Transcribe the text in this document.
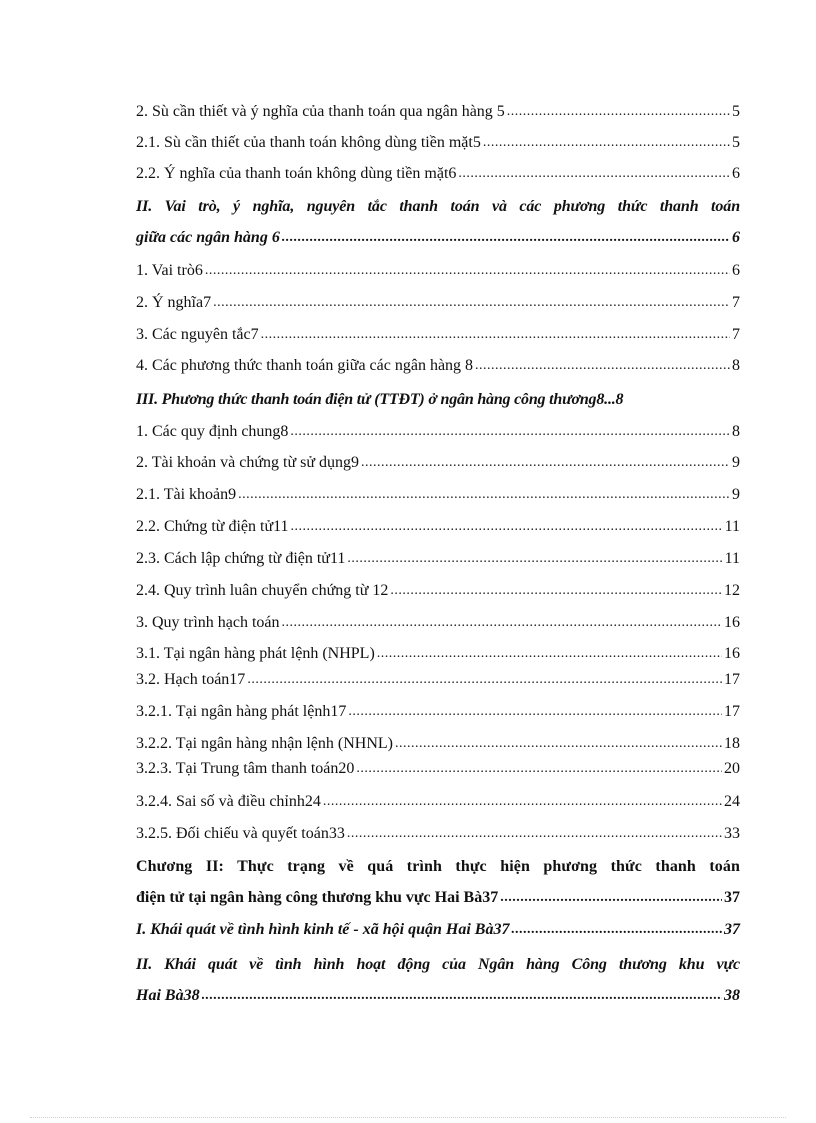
2. Sù cần thiết và ý nghĩa của thanh toán qua ngân hàng 5 .....	5
2.1. Sù cần thiết của thanh toán không dùng tiền mặt5 .....	5
2.2. Ý nghĩa của thanh toán không dùng tiền mặt6 .....	6
II. Vai trò, ý nghĩa, nguyên tắc thanh toán và các phương thức thanh toán
giữa các ngân hàng 6 .....	6
1. Vai trò6 .....	6
2. Ý nghĩa7 .....	7
3. Các nguyên tắc7 .....	7
4. Các phương thức thanh toán giữa các ngân hàng 8 .....	8
III. Phương thức thanh toán điện tử (TTĐT) ở ngân hàng công thương8... 8
1. Các quy định chung8 .....	8
2. Tài khoản và chứng từ sử dụng9 .....	9
2.1. Tài khoản9 .....	9
2.2. Chứng từ điện tử11 .....	11
2.3. Cách lập chứng từ điện tử11 .....	11
2.4. Quy trình luân chuyển chứng từ 12 .....	12
3. Quy trình hạch toán .....	16
3.1. Tại ngân hàng phát lệnh (NHPL) .....	16
3.2. Hạch toán17 .....	17
3.2.1. Tại ngân hàng phát lệnh17 .....	17
3.2.2. Tại ngân hàng nhận lệnh (NHNL) .....	18
3.2.3. Tại Trung tâm thanh toán20 .....	20
3.2.4. Sai số và điều chỉnh24 .....	24
3.2.5. Đối chiếu và quyết toán33 .....	33
Chương II: Thực trạng về quá trình thực hiện phương thức thanh toán
điện tử tại ngân hàng công thương khu vực Hai Bà37 .....	37
I. Khái quát về tình hình kinh tế - xã hội quận Hai Bà37 .....	37
II. Khái quát về tình hình hoạt động của Ngân hàng Công thương khu vực
Hai Bà38 .....	38
